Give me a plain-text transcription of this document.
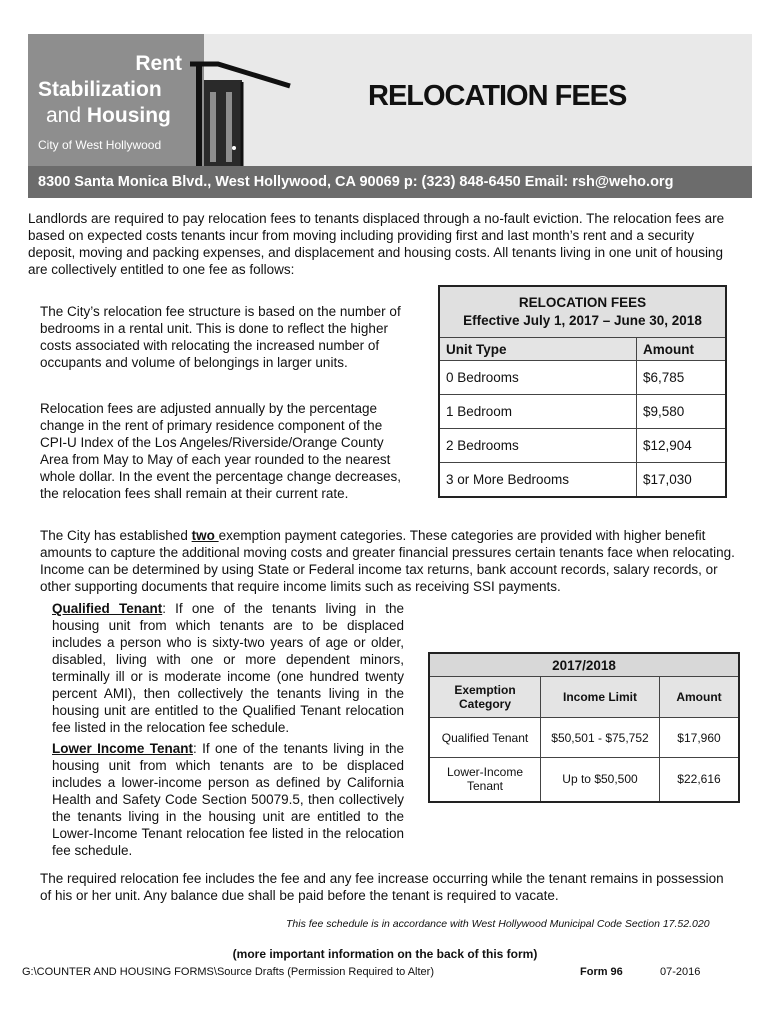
Rent
Stabilization
and Housing
City of West Hollywood
RELOCATION FEES
8300 Santa Monica Blvd., West Hollywood, CA 90069 p: (323) 848-6450 Email: rsh@weho.org
Landlords are required to pay relocation fees to tenants displaced through a no-fault eviction. The relocation fees are based on expected costs tenants incur from moving including providing first and last month’s rent and a security deposit, moving and packing expenses, and displacement and housing costs. All tenants living in one unit of housing are collectively entitled to one fee as follows:
The City’s relocation fee structure is based on the number of bedrooms in a rental unit. This is done to reflect the higher costs associated with relocating the increased number of occupants and volume of belongings in larger units.
Relocation fees are adjusted annually by the percentage change in the rent of primary residence component of the CPI-U Index of the Los Angeles/Riverside/Orange County Area from May to May of each year rounded to the nearest whole dollar. In the event the percentage change decreases, the relocation fees shall remain at their current rate.
RELOCATION FEES
Effective July 1, 2017 – June 30, 2018	

Unit Type	Amount
0 Bedrooms	$6,785
1 Bedroom	$9,580
2 Bedrooms	$12,904
3 or More Bedrooms	$17,030
The City has established two exemption payment categories. These categories are provided with higher benefit amounts to capture the additional moving costs and greater financial pressures certain tenants face when relocating. Income can be determined by using State or Federal income tax returns, bank account records, salary records, or other supporting documents that require income limits such as receiving SSI payments.
Qualified Tenant: If one of the tenants living in the housing unit from which tenants are to be displaced includes a person who is sixty-two years of age or older, disabled, living with one or more dependent minors, terminally ill or is moderate income (one hundred twenty percent AMI), then collectively the tenants living in the housing unit are entitled to the Qualified Tenant relocation fee listed in the relocation fee schedule.
Lower Income Tenant: If one of the tenants living in the housing unit from which tenants are to be displaced includes a lower-income person as defined by California Health and Safety Code Section 50079.5, then collectively the tenants living in the housing unit are entitled to the Lower-Income Tenant relocation fee listed in the relocation fee schedule.
2017/2018		
Exemption Category	Income Limit	Amount
Qualified Tenant	$50,501 - $75,752	$17,960
Lower-Income Tenant	Up to $50,500	$22,616
The required relocation fee includes the fee and any fee increase occurring while the tenant remains in possession of his or her unit. Any balance due shall be paid before the tenant is required to vacate.
This fee schedule is in accordance with West Hollywood Municipal Code Section 17.52.020
(more important information on the back of this form)
G:\COUNTER AND HOUSING FORMS\Source Drafts (Permission Required to Alter)	Form 96	07-2016
